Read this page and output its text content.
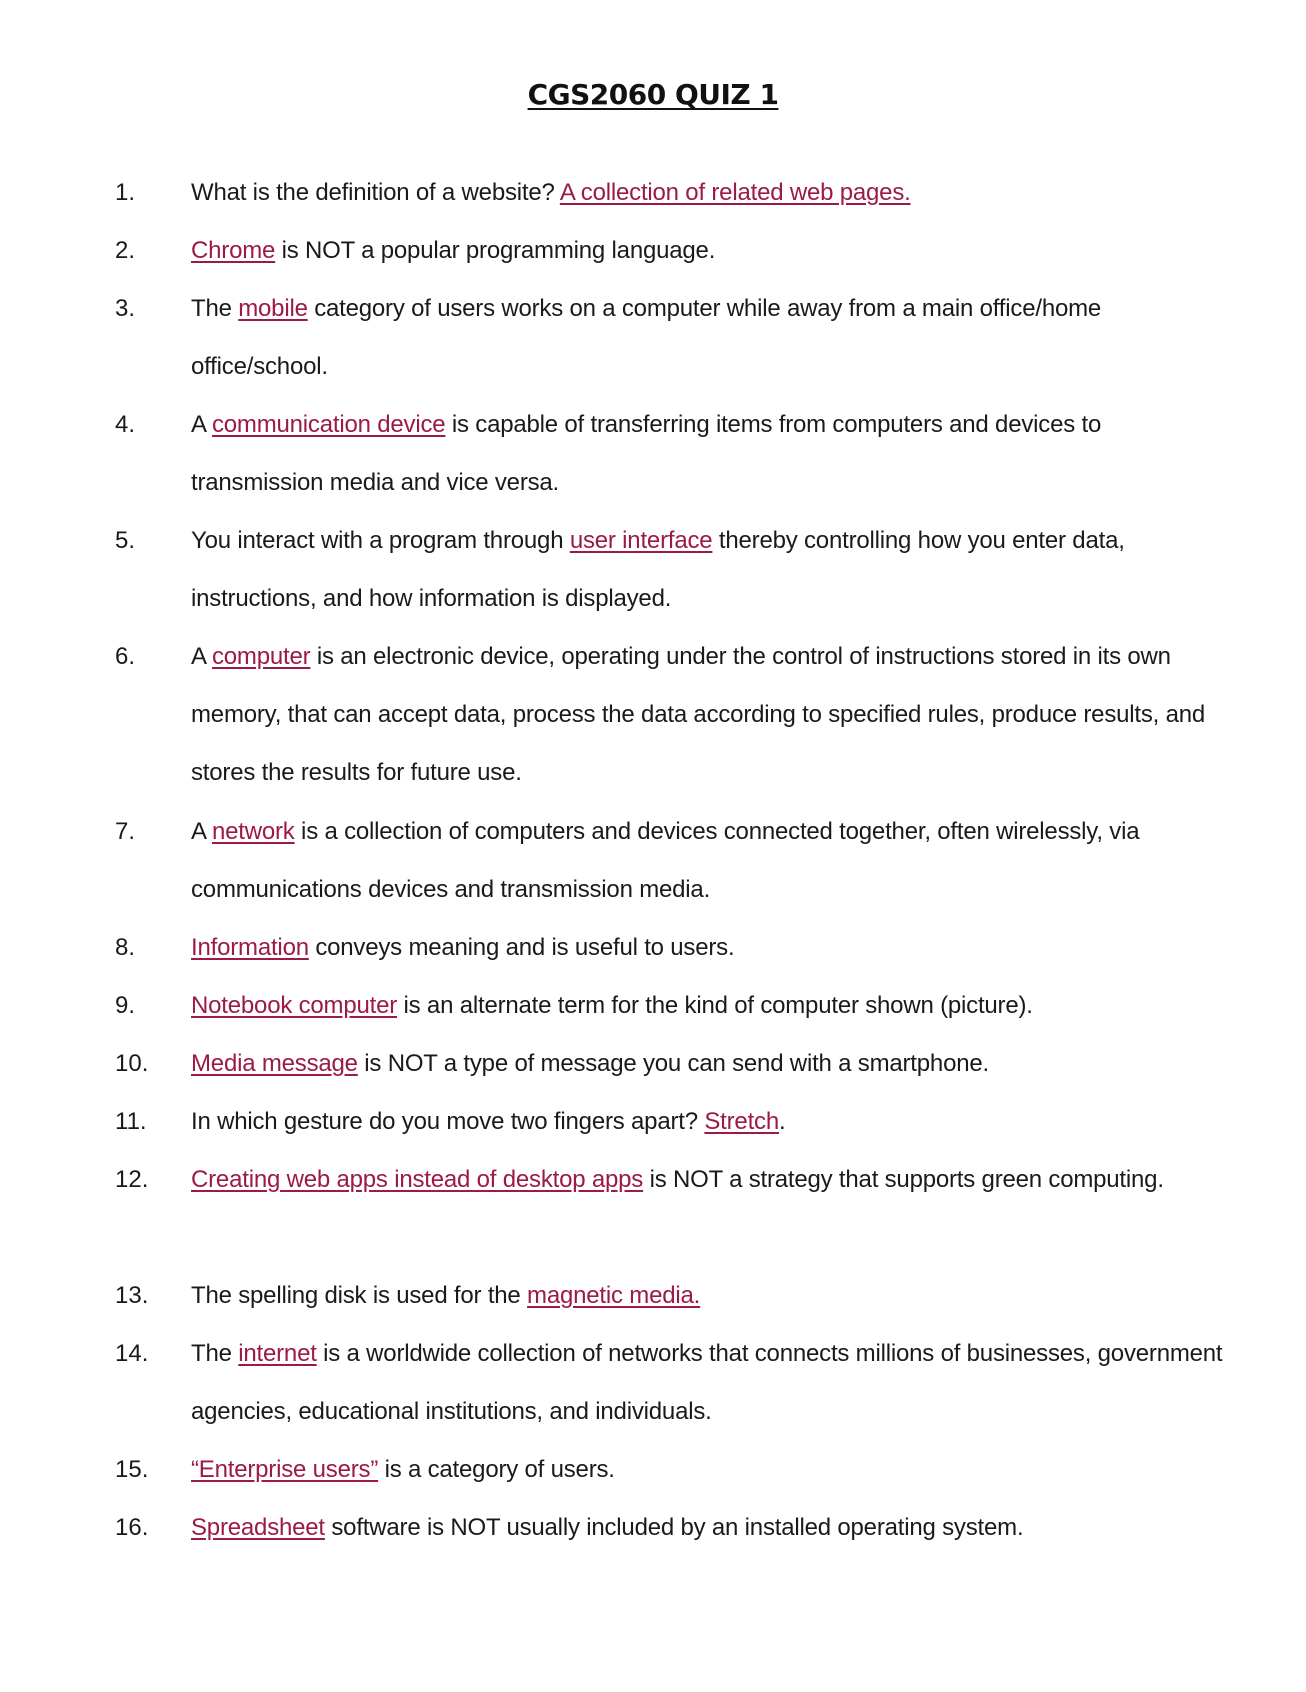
CGS2060 QUIZ 1
1. What is the definition of a website? A collection of related web pages.
2. Chrome is NOT a popular programming language.
3. The mobile category of users works on a computer while away from a main office/home office/school.
4. A communication device is capable of transferring items from computers and devices to transmission media and vice versa.
5. You interact with a program through user interface thereby controlling how you enter data, instructions, and how information is displayed.
6. A computer is an electronic device, operating under the control of instructions stored in its own memory, that can accept data, process the data according to specified rules, produce results, and stores the results for future use.
7. A network is a collection of computers and devices connected together, often wirelessly, via communications devices and transmission media.
8. Information conveys meaning and is useful to users.
9. Notebook computer is an alternate term for the kind of computer shown (picture).
10. Media message is NOT a type of message you can send with a smartphone.
11. In which gesture do you move two fingers apart? Stretch.
12. Creating web apps instead of desktop apps is NOT a strategy that supports green computing.
13. The spelling disk is used for the magnetic media.
14. The internet is a worldwide collection of networks that connects millions of businesses, government agencies, educational institutions, and individuals.
15. “Enterprise users” is a category of users.
16. Spreadsheet software is NOT usually included by an installed operating system.
